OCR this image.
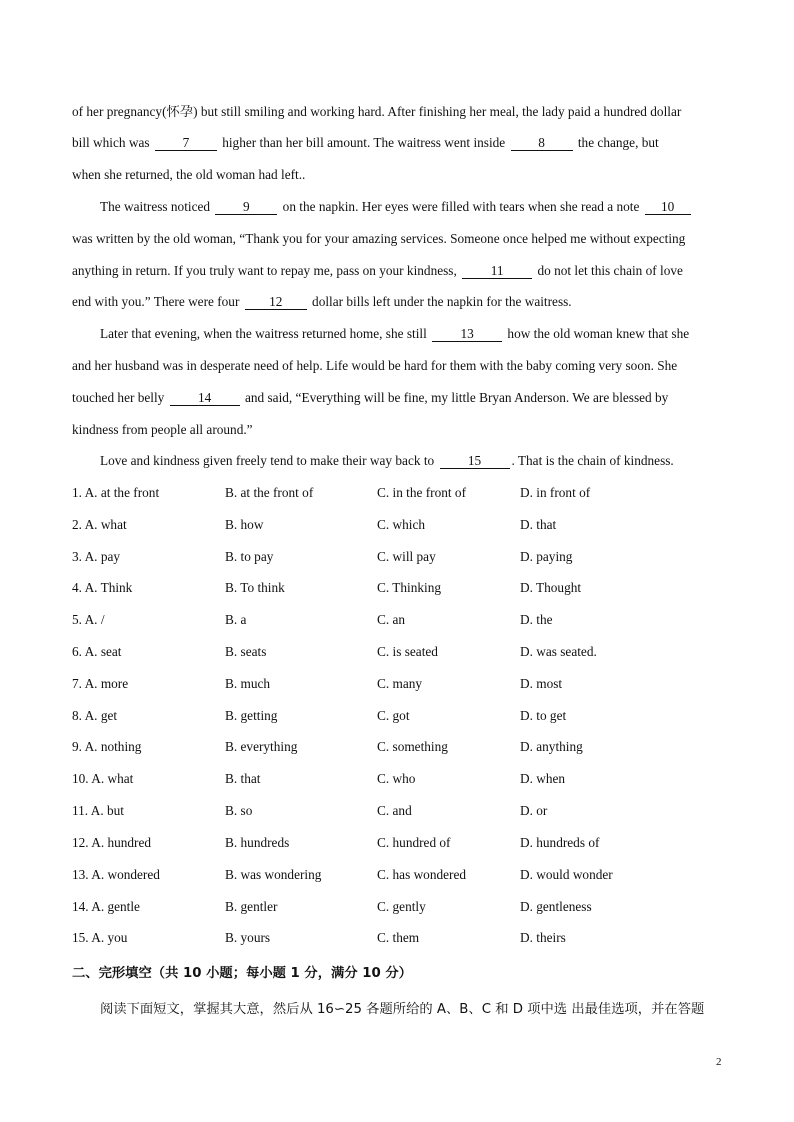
of her pregnancy(怀孕) but still smiling and working hard. After finishing her meal, the lady paid a hundred dollar
bill which was 7 higher than her bill amount. The waitress went inside 8 the change, but
when she returned, the old woman had left..
The waitress noticed 9 on the napkin. Her eyes were filled with tears when she read a note 10
was written by the old woman, “Thank you for your amazing services. Someone once helped me without expecting
anything in return. If you truly want to repay me, pass on your kindness, 11 do not let this chain of love
end with you.” There were four 12 dollar bills left under the napkin for the waitress.
Later that evening, when the waitress returned home, she still 13 how the old woman knew that she
and her husband was in desperate need of help. Life would be hard for them with the baby coming very soon. She
touched her belly 14 and said, “Everything will be fine, my little Bryan Anderson. We are blessed by
kindness from people all around.”
Love and kindness given freely tend to make their way back to 15 . That is the chain of kindness.
1. A. at the front	B. at the front of	C. in the front of	D. in front of
2. A. what	B. how	C. which	D. that
3. A. pay	B. to pay	C. will pay	D. paying
4. A. Think	B. To think	C. Thinking	D. Thought
5. A. /	B. a	C. an	D. the
6. A. seat	B. seats	C. is seated	D. was seated.
7. A. more	B. much	C. many	D. most
8. A. get	B. getting	C. got	D. to get
9. A. nothing	B. everything	C. something	D. anything
10. A. what	B. that	C. who	D. when
11. A. but	B. so	C. and	D. or
12. A. hundred	B. hundreds	C. hundred of	D. hundreds of
13. A. wondered	B. was wondering	C. has wondered	D. would wonder
14. A. gentle	B. gentler	C. gently	D. gentleness
15. A. you	B. yours	C. them	D. theirs
二、完形填空（共 10 小题；每小题 1 分，满分 10 分）
阅读下面短文，掌握其大意，然后从 16∽25 各题所给的 A、B、C 和 D 项中选 出最佳选项，并在答题
2
